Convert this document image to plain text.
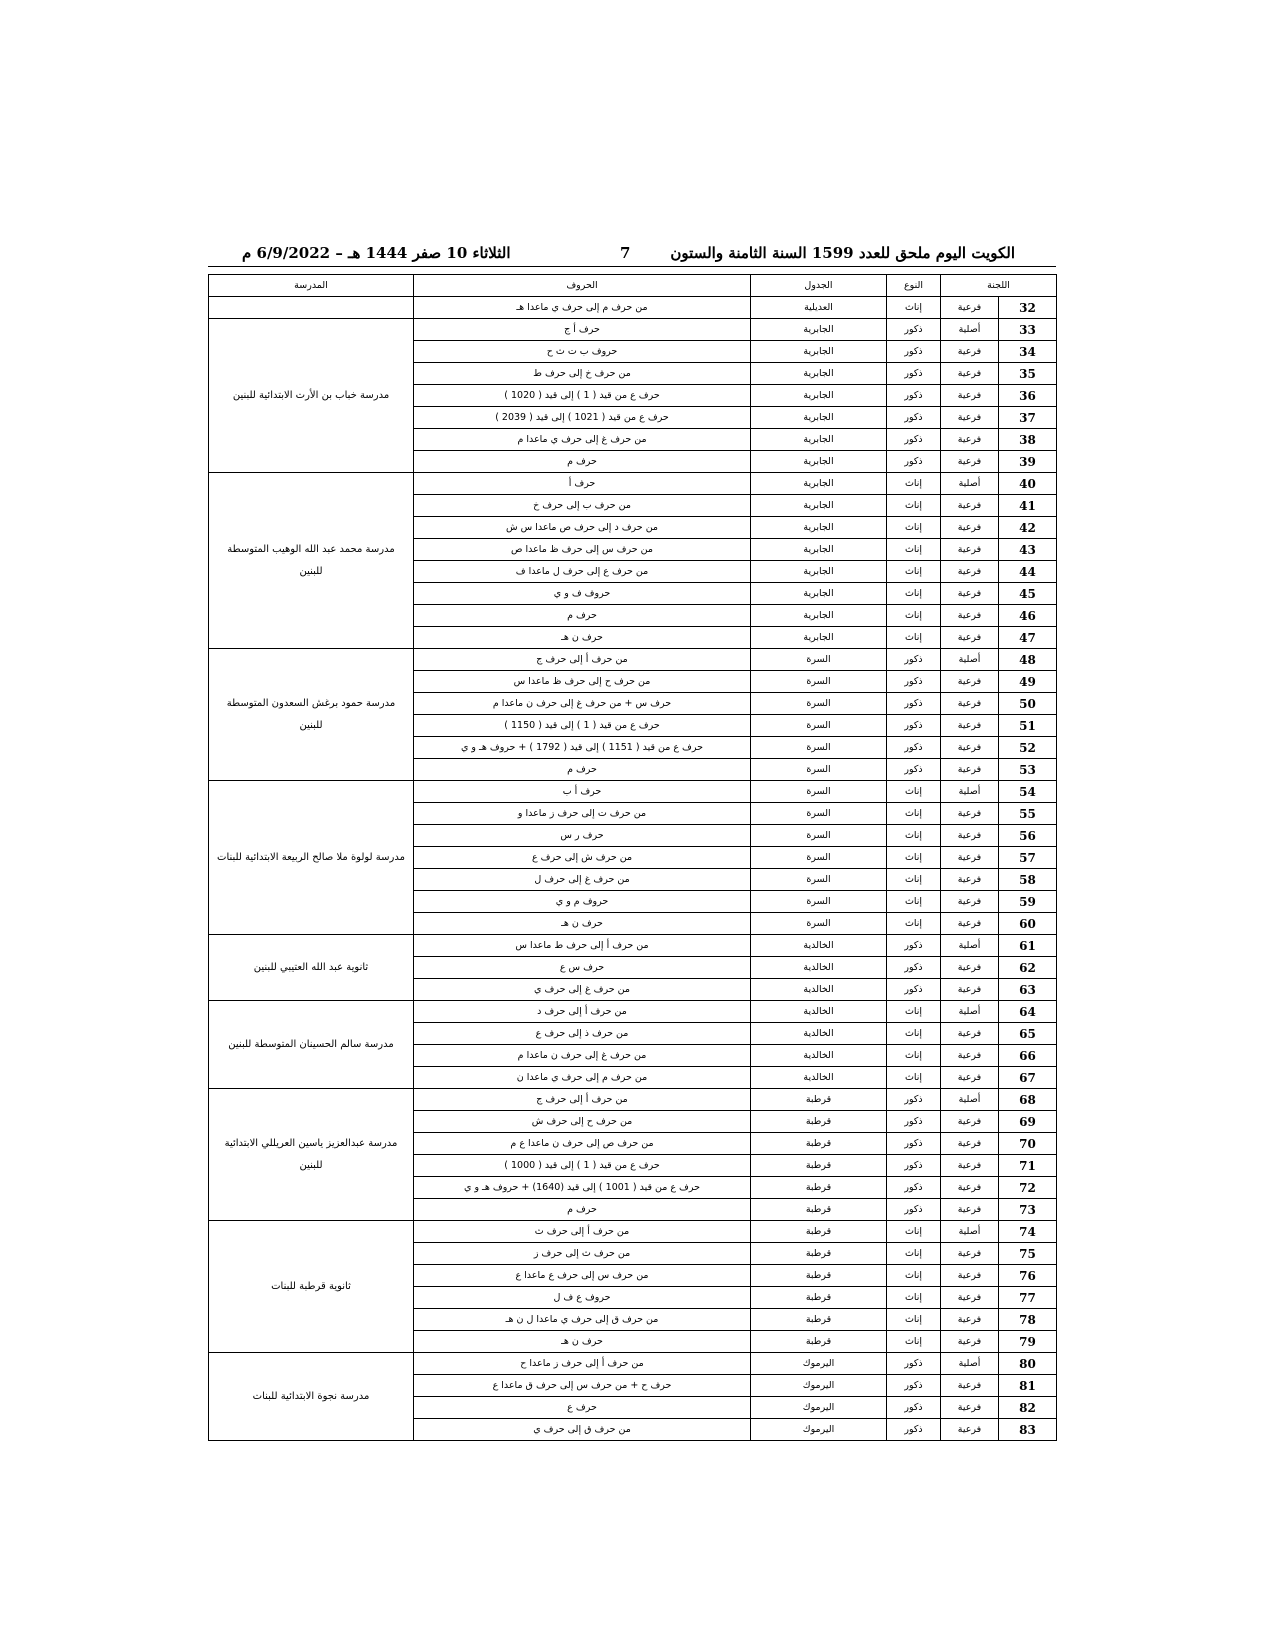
الكويت اليوم ملحق للعدد 1599 السنة الثامنة والستون
7
الثلاثاء 10 صفر 1444 هـ – 6/9/2022 م
اللجنة		النوع	الجدول	الحروف	المدرسة
32	فرعية	إناث	العديلية	من حرف م إلى حرف ي ماعدا هـ	
33	أصلية	ذكور	الجابرية	حرف أ ج	مدرسة خباب بن الأرت الابتدائية للبنين
34	فرعية	ذكور	الجابرية	حروف ب ت ث ح	
35	فرعية	ذكور	الجابرية	من حرف خ إلى حرف ط	
36	فرعية	ذكور	الجابرية	حرف ع من قيد ( 1 ) إلى قيد ( 1020 )	
37	فرعية	ذكور	الجابرية	حرف ع من قيد ( 1021 ) إلى قيد ( 2039 )	
38	فرعية	ذكور	الجابرية	من حرف غ إلى حرف ي ماعدا م	
39	فرعية	ذكور	الجابرية	حرف م	
40	أصلية	إناث	الجابرية	حرف أ	مدرسة محمد عبد الله الوهيب المتوسطة للبنين
41	فرعية	إناث	الجابرية	من حرف ب إلى حرف خ	
42	فرعية	إناث	الجابرية	من حرف د إلى حرف ص ماعدا س ش	
43	فرعية	إناث	الجابرية	من حرف س إلى حرف ظ ماعدا ص	
44	فرعية	إناث	الجابرية	من حرف ع إلى حرف ل ماعدا ف	
45	فرعية	إناث	الجابرية	حروف ف و ي	
46	فرعية	إناث	الجابرية	حرف م	
47	فرعية	إناث	الجابرية	حرف ن هـ	
48	أصلية	ذكور	السرة	من حرف أ إلى حرف ج	مدرسة حمود برغش السعدون المتوسطة للبنين
49	فرعية	ذكور	السرة	من حرف ح إلى حرف ظ ماعدا س	
50	فرعية	ذكور	السرة	حرف س + من حرف غ إلى حرف ن ماعدا م	
51	فرعية	ذكور	السرة	حرف ع من قيد ( 1 ) إلى قيد ( 1150 )	
52	فرعية	ذكور	السرة	حرف ع من قيد ( 1151 ) إلى قيد ( 1792 ) + حروف هـ و ي	
53	فرعية	ذكور	السرة	حرف م	
54	أصلية	إناث	السرة	حرف أ ب	مدرسة لولوة ملا صالح الربيعة الابتدائية للبنات
55	فرعية	إناث	السرة	من حرف ت إلى حرف ز ماعدا و	
56	فرعية	إناث	السرة	حرف ر س	
57	فرعية	إناث	السرة	من حرف ش إلى حرف ع	
58	فرعية	إناث	السرة	من حرف غ إلى حرف ل	
59	فرعية	إناث	السرة	حروف م و ي	
60	فرعية	إناث	السرة	حرف ن هـ	
61	أصلية	ذكور	الخالدية	من حرف أ إلى حرف ط ماعدا س	ثانوية عبد الله العتيبي للبنين
62	فرعية	ذكور	الخالدية	حرف س ع	
63	فرعية	ذكور	الخالدية	من حرف غ إلى حرف ي	
64	أصلية	إناث	الخالدية	من حرف أ إلى حرف د	مدرسة سالم الحسينان المتوسطة للبنين
65	فرعية	إناث	الخالدية	من حرف ذ إلى حرف ع	
66	فرعية	إناث	الخالدية	من حرف غ إلى حرف ن ماعدا م	
67	فرعية	إناث	الخالدية	من حرف م إلى حرف ي ماعدا ن	
68	أصلية	ذكور	قرطبة	من حرف أ إلى حرف ج	مدرسة عبدالعزيز ياسين العريللي الابتدائية للبنين
69	فرعية	ذكور	قرطبة	من حرف ح إلى حرف ش	
70	فرعية	ذكور	قرطبة	من حرف ص إلى حرف ن ماعدا ع م	
71	فرعية	ذكور	قرطبة	حرف ع من قيد ( 1 ) إلى قيد ( 1000 )	
72	فرعية	ذكور	قرطبة	حرف ع من قيد ( 1001 ) إلى قيد (1640) + حروف هـ و ي	
73	فرعية	ذكور	قرطبة	حرف م	
74	أصلية	إناث	قرطبة	من حرف أ إلى حرف ث	ثانوية قرطبة للبنات
75	فرعية	إناث	قرطبة	من حرف ث إلى حرف ز	
76	فرعية	إناث	قرطبة	من حرف س إلى حرف ع ماعدا ع	
77	فرعية	إناث	قرطبة	حروف ع ف ل	
78	فرعية	إناث	قرطبة	من حرف ق إلى حرف ي ماعدا ل ن هـ	
79	فرعية	إناث	قرطبة	حرف ن هـ	
80	أصلية	ذكور	اليرموك	من حرف أ إلى حرف ز ماعدا ح	مدرسة نجوة الابتدائية للبنات
81	فرعية	ذكور	اليرموك	حرف ح + من حرف س إلى حرف ق ماعدا ع	
82	فرعية	ذكور	اليرموك	حرف ع	
83	فرعية	ذكور	اليرموك	من حرف ق إلى حرف ي	
